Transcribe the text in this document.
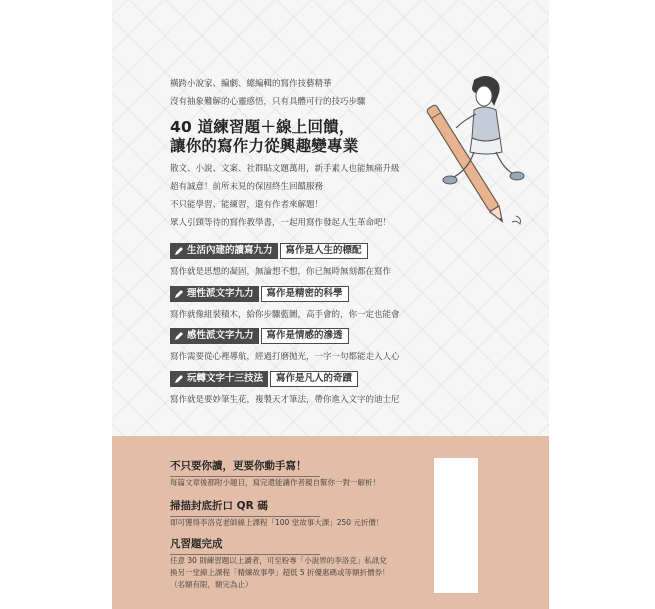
橫跨小說家、編劇、總編輯的寫作技藝精華
沒有抽象難解的心靈感悟，只有具體可行的技巧步驟
40 道練習題＋線上回饋，
讓你的寫作力從興趣變專業
散文、小說、文案、社群貼文題萬用，新手素人也能無痛升級
超有誠意！前所未見的保固終生回饋服務
不只能學習、能練習，還有作者來解題！
眾人引頸等待的寫作教學書，一起用寫作發起人生革命吧！
生活內建的讀寫九力	寫作是人生的標配
寫作就是思想的凝固，無論想不想，你已無時無刻都在寫作
理性派文字九力	寫作是精密的科學
寫作就像組裝積木，給你步驟藍圖，高手會的，你一定也能會
感性派文字九力	寫作是情感的滲透
寫作需要從心裡導航，經過打磨拋光，一字一句都能走入人心
玩轉文字十三技法	寫作是凡人的奇蹟
寫作就是要妙筆生花，複製天才筆法，帶你進入文字的迪士尼
不只要你讀，更要你動手寫！
每篇文章後都附小題目，寫完還能讓作者親自幫你一對一解析！
掃描封底折口 QR 碼
即可獲得李洛克老師線上課程「100 堂故事大課」250 元折價！
凡習題完成
任意 30 則練習題以上讀者，可至粉專「小說界的李洛克」私訊兌
換另一堂線上課程「精煉故事學」超低 5 折優惠碼或等額折價券！
（名額有限，額完為止）
BOOKLIFE
圓神書活網
